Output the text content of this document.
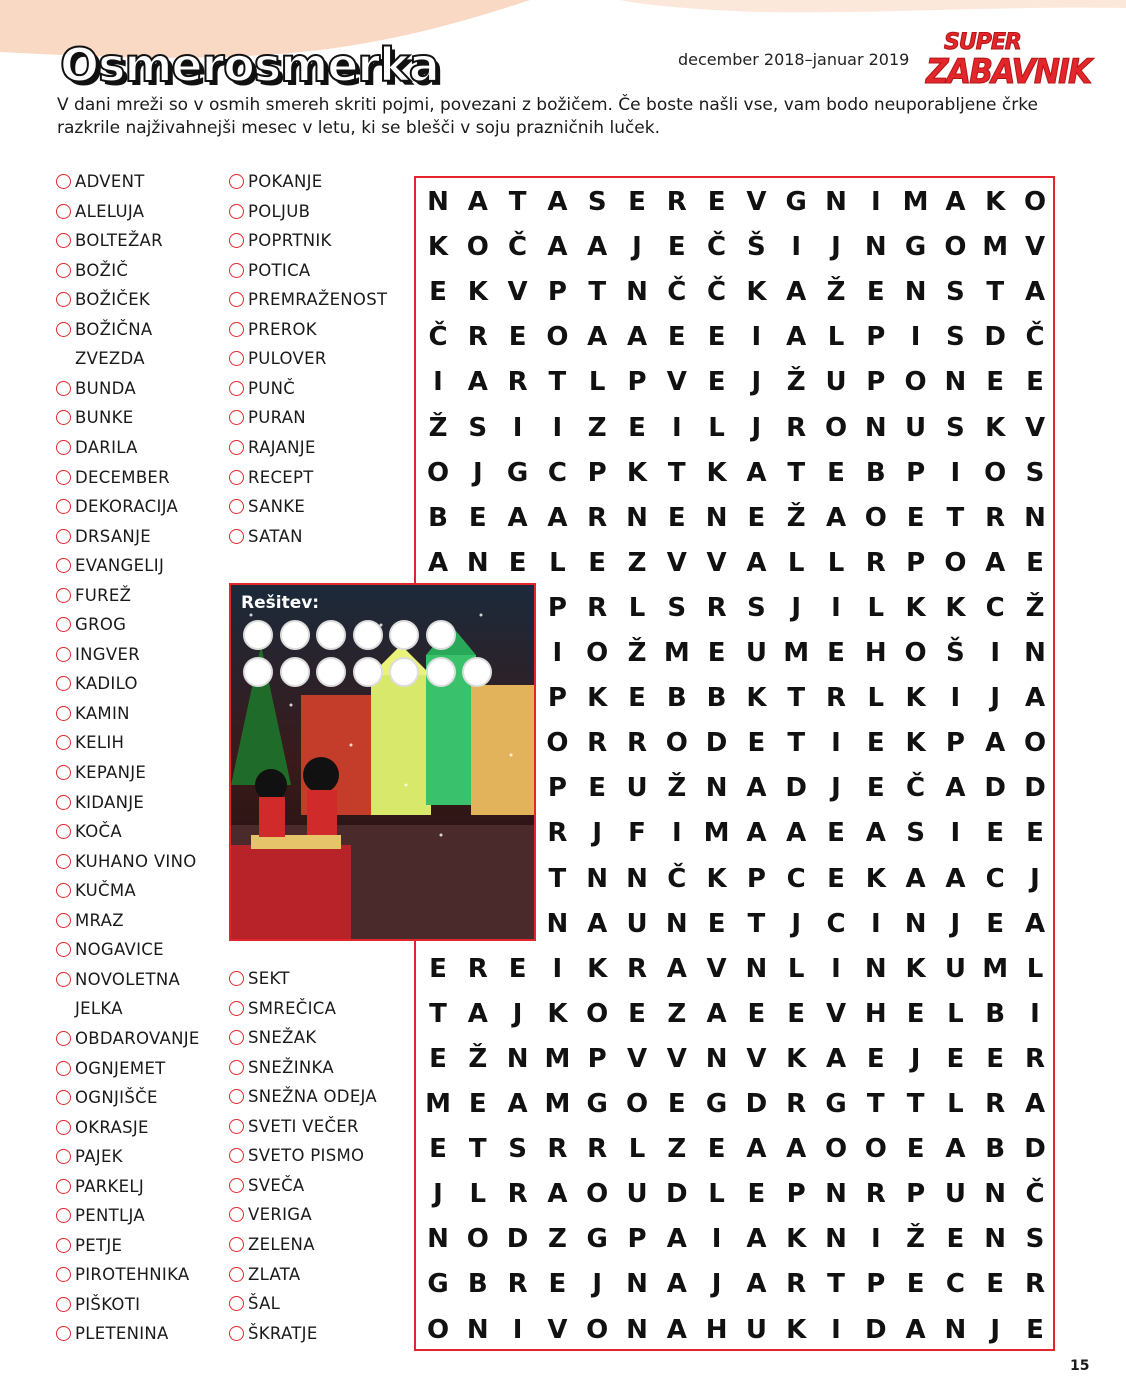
Osmerosmerka	december 2018–januar 2019
SUPER
ZABAVNIK
V dani mreži so v osmih smereh skriti pojmi, povezani z božičem. Če boste našli vse, vam bodo neuporabljene črke razkrile najživahnejši mesec v letu, ki se blešči v soju prazničnih luček.
ADVENT
ALELUJA
BOLTEŽAR
BOŽIČ
BOŽIČEK
BOŽIČNA
ZVEZDA
BUNDA
BUNKE
DARILA
DECEMBER
DEKORACIJA
DRSANJE
EVANGELIJ
FUREŽ
GROG
INGVER
KADILO
KAMIN
KELIH
KEPANJE
KIDANJE
KOČA
KUHANO VINO
KUČMA
MRAZ
NOGAVICE
NOVOLETNA
JELKA
OBDAROVANJE
OGNJEMET
OGNJIŠČE
OKRASJE
PAJEK
PARKELJ
PENTLJA
PETJE
PIROTEHNIKA
PIŠKOTI
PLETENINA
POKANJE
POLJUB
POPRTNIK
POTICA
PREMRAŽENOST
PREROK
PULOVER
PUNČ
PURAN
RAJANJE
RECEPT
SANKE
SATAN
SEKT
SMREČICA
SNEŽAK
SNEŽINKA
SNEŽNA ODEJA
SVETI VEČER
SVETO PISMO
SVEČA
VERIGA
ZELENA
ZLATA
ŠAL
ŠKRATJE
N A T A S E R E V G N I M A K O
K O Č A A J	E Č Š I	J N G O M V
E K V P T N Č Č K A Ž E N S T A
Č R E O A A E E	I A L P I S D Č
I A R T L P V E	J Ž U P O N E E
Ž S I	I Z E	I	L	J R O N U S K V
O J G C P K T K A T E B P I O S
B E A A R N E N E Ž A O E T R N
A N E L E Z V V A L L R P O A E
P R L S R S J	I	L K K C Ž
I O Ž M E U M E H O Š I N
P K E B B K T R L K I	J A
O R R O D E T	I	E K P A O
P E U Ž N A D J	E Č A D D
R J	F	I M A A E A S I	E E
T N N Č K P C E K A A C J
N A U N E T	J C I N J	E A
E R E	I K R A V N L	I N K U M L
T A J K O E Z A E E V H E L B I
E Ž N M P V V N V K A E	J	E E R
M E A M G O E G D R G T T L R A
E T S R R L Z E A A O O E A B D
J	L R A O U D L E P N R P U N Č
N O D Z G P A I A K N I Ž E N S
G B R E	J N A J A R T P E C E R
O N I V O N A H U K I D A N J	E
Rešitev:
15
